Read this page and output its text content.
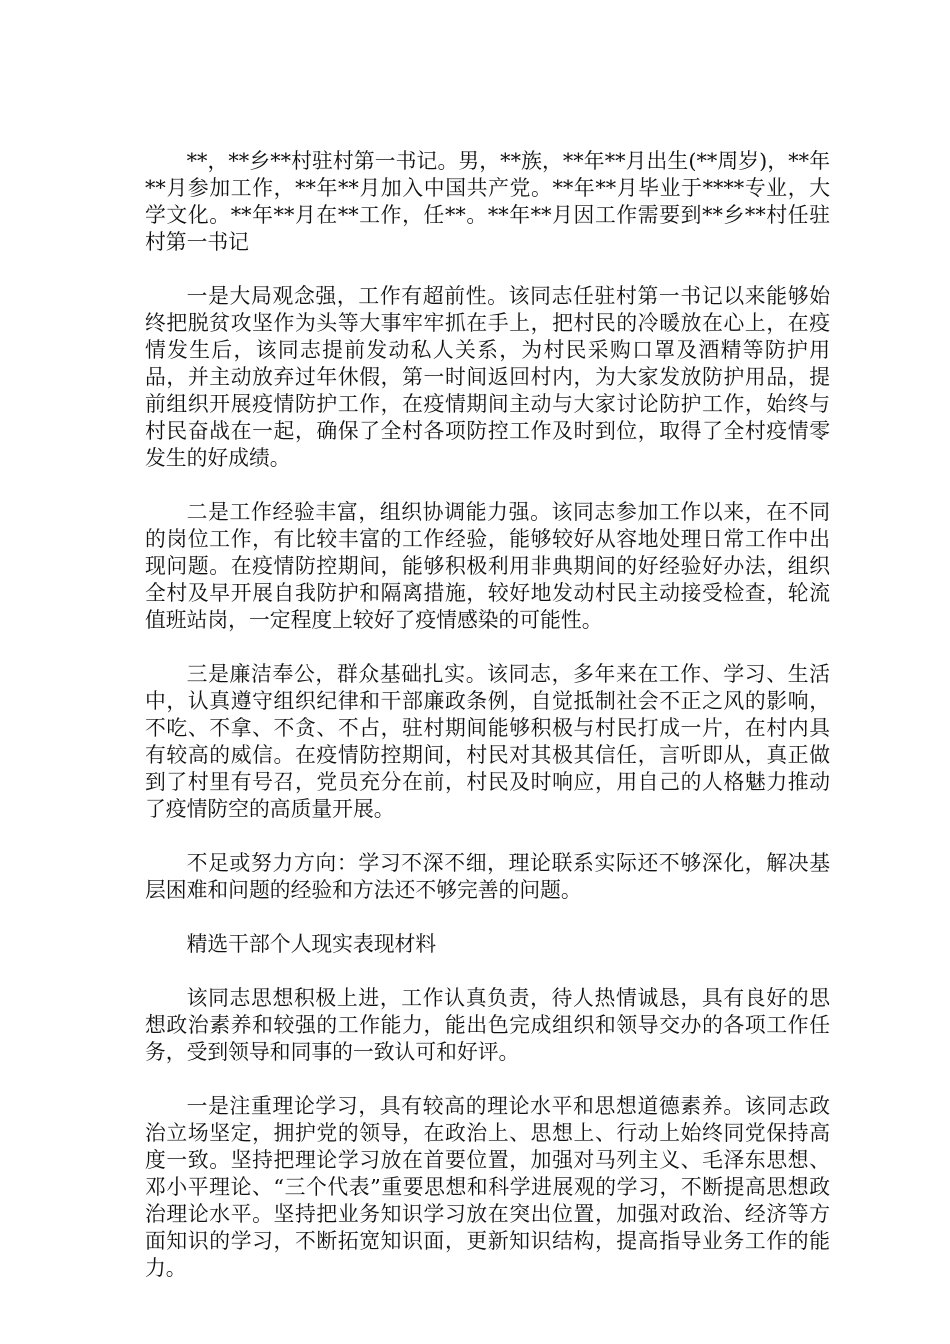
**，**乡**村驻村第一书记。男，**族，**年**月出生(**周岁)，**年**月参加工作，**年**月加入中国共产党。**年**月毕业于****专业，大学文化。**年**月在**工作，任**。**年**月因工作需要到**乡**村任驻村第一书记

一是大局观念强，工作有超前性。该同志任驻村第一书记以来能够始终把脱贫攻坚作为头等大事牢牢抓在手上，把村民的冷暖放在心上，在疫情发生后，该同志提前发动私人关系，为村民采购口罩及酒精等防护用品，并主动放弃过年休假，第一时间返回村内，为大家发放防护用品，提前组织开展疫情防护工作，在疫情期间主动与大家讨论防护工作，始终与村民奋战在一起，确保了全村各项防控工作及时到位，取得了全村疫情零发生的好成绩。

二是工作经验丰富，组织协调能力强。该同志参加工作以来，在不同的岗位工作，有比较丰富的工作经验，能够较好从容地处理日常工作中出现问题。在疫情防控期间，能够积极利用非典期间的好经验好办法，组织全村及早开展自我防护和隔离措施，较好地发动村民主动接受检查，轮流值班站岗，一定程度上较好了疫情感染的可能性。

三是廉洁奉公，群众基础扎实。该同志，多年来在工作、学习、生活中，认真遵守组织纪律和干部廉政条例，自觉抵制社会不正之风的影响，不吃、不拿、不贪、不占，驻村期间能够积极与村民打成一片，在村内具有较高的威信。在疫情防控期间，村民对其极其信任，言听即从，真正做到了村里有号召，党员充分在前，村民及时响应，用自己的人格魅力推动了疫情防空的高质量开展。

不足或努力方向：学习不深不细，理论联系实际还不够深化，解决基层困难和问题的经验和方法还不够完善的问题。

精选干部个人现实表现材料

该同志思想积极上进，工作认真负责，待人热情诚恳，具有良好的思想政治素养和较强的工作能力，能出色完成组织和领导交办的各项工作任务，受到领导和同事的一致认可和好评。

一是注重理论学习，具有较高的理论水平和思想道德素养。该同志政治立场坚定，拥护党的领导，在政治上、思想上、行动上始终同党保持高度一致。坚持把理论学习放在首要位置，加强对马列主义、毛泽东思想、邓小平理论、“三个代表”重要思想和科学进展观的学习，不断提高思想政治理论水平。坚持把业务知识学习放在突出位置，加强对政治、经济等方面知识的学习，不断拓宽知识面，更新知识结构，提高指导业务工作的能力。
